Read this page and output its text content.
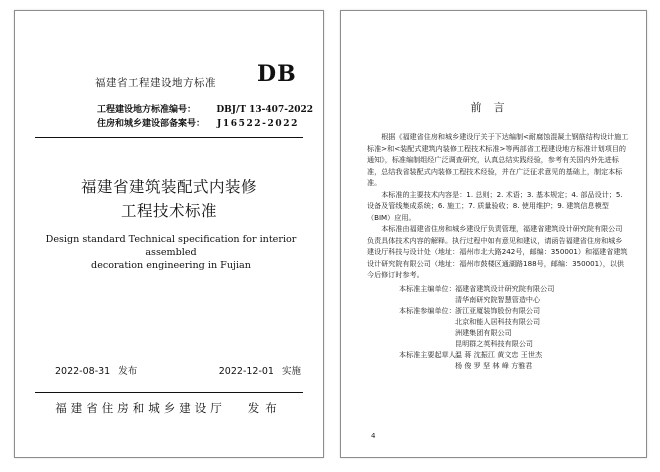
福建省工程建设地方标准 DB
工程建设地方标准编号：	DBJ/T 13-407-2022
住房和城乡建设部备案号：	J16522-2022
福建省建筑装配式内装修
工程技术标准
Design standard Technical specification for interior assembled
decoration engineering in Fujian
2022-08-31 发布	2022-12-01 实施
福建省住房和城乡建设厅 发布
前言

根据《福建省住房和城乡建设厅关于下达编制<耐腐蚀混凝土钢筋结构设计施工标准>和<装配式建筑内装修工程技术标准>等两部省工程建设地方标准计划项目的通知》，标准编制组经广泛调查研究，认真总结实践经验，参考有关国内外先进标准，总结我省装配式内装修工程技术经验，并在广泛征求意见的基础上，制定本标准。

本标准的主要技术内容是：1. 总则；2. 术语；3. 基本规定；4. 部品设计；5. 设备及管线集成系统；6. 施工；7. 质量验收；8. 使用维护；9. 建筑信息模型（BIM）应用。

本标准由福建省住房和城乡建设厅负责管理，福建省建筑设计研究院有限公司负责具体技术内容的解释。执行过程中如有意见和建议，请函告福建省住房和城乡建设厅科技与设计处（地址：福州市北大路242号，邮编：350001）和福建省建筑设计研究院有限公司（地址：福州市鼓楼区通湖路188号，邮编：350001），以供今后修订时参考。

本标准主编单位： 福建省建筑设计研究院有限公司
清华南研究院智慧管造中心
本标准参编单位： 浙江亚厦装饰股份有限公司
北京和能人居科技有限公司
洲建集团有限公司
昆明群之英科技有限公司
本标准主要起草人：
温 蒋 沈振江 黄文忠 王世杰
杨 俊 罗 坚 林 峰 方雅君
4
